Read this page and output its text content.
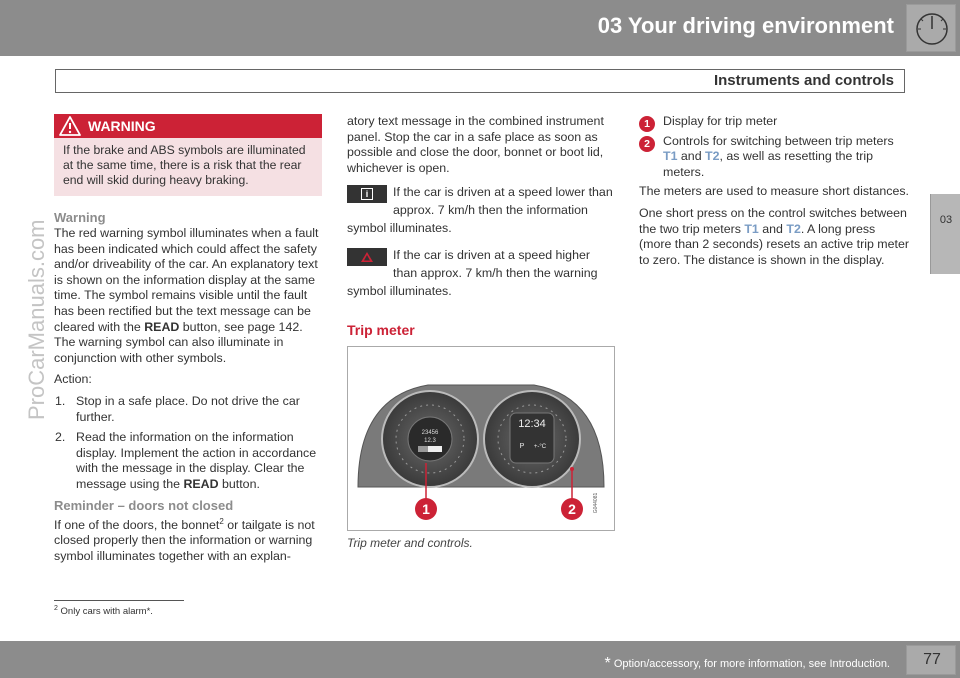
03 Your driving environment
Instruments and controls
03
ProCarManuals.com
WARNING
If the brake and ABS symbols are illuminated at the same time, there is a risk that the rear end will skid during heavy braking.
Warning

The red warning symbol illuminates when a fault has been indicated which could affect the safety and/or driveability of the car. An explanatory text is shown on the information display at the same time. The symbol remains visible until the fault has been rectified but the text message can be cleared with the READ button, see page 142. The warning symbol can also illuminate in conjunction with other symbols.

Action:

1. Stop in a safe place. Do not drive the car further.
2. Read the information on the information display. Implement the action in accordance with the message in the display. Clear the message using the READ button.
Reminder – doors not closed

If one of the doors, the bonnet$^2$ or tailgate is not closed properly then the information or warning symbol illuminates together with an explan-

atory text message in the combined instrument panel. Stop the car in a safe place as soon as possible and close the door, bonnet or boot lid, whichever is open.

i	If the car is driven at a speed lower than approx. 7 km/h then the information symbol illuminates.
If the car is driven at a speed higher than approx. 7 km/h then the warning symbol illuminates.
Trip meter
23456
12.3
12:34
P +-°C
G044081
1	2
Trip meter and controls.
1	Display for trip meter
2	Controls for switching between trip meters T1 and T2, as well as resetting the trip meters.

The meters are used to measure short distances.

One short press on the control switches between the two trip meters T1 and T2. A long press (more than 2 seconds) resets an active trip meter to zero. The distance is shown in the display.

$^2$ Only cars with alarm*.
* Option/accessory, for more information, see Introduction.	77
